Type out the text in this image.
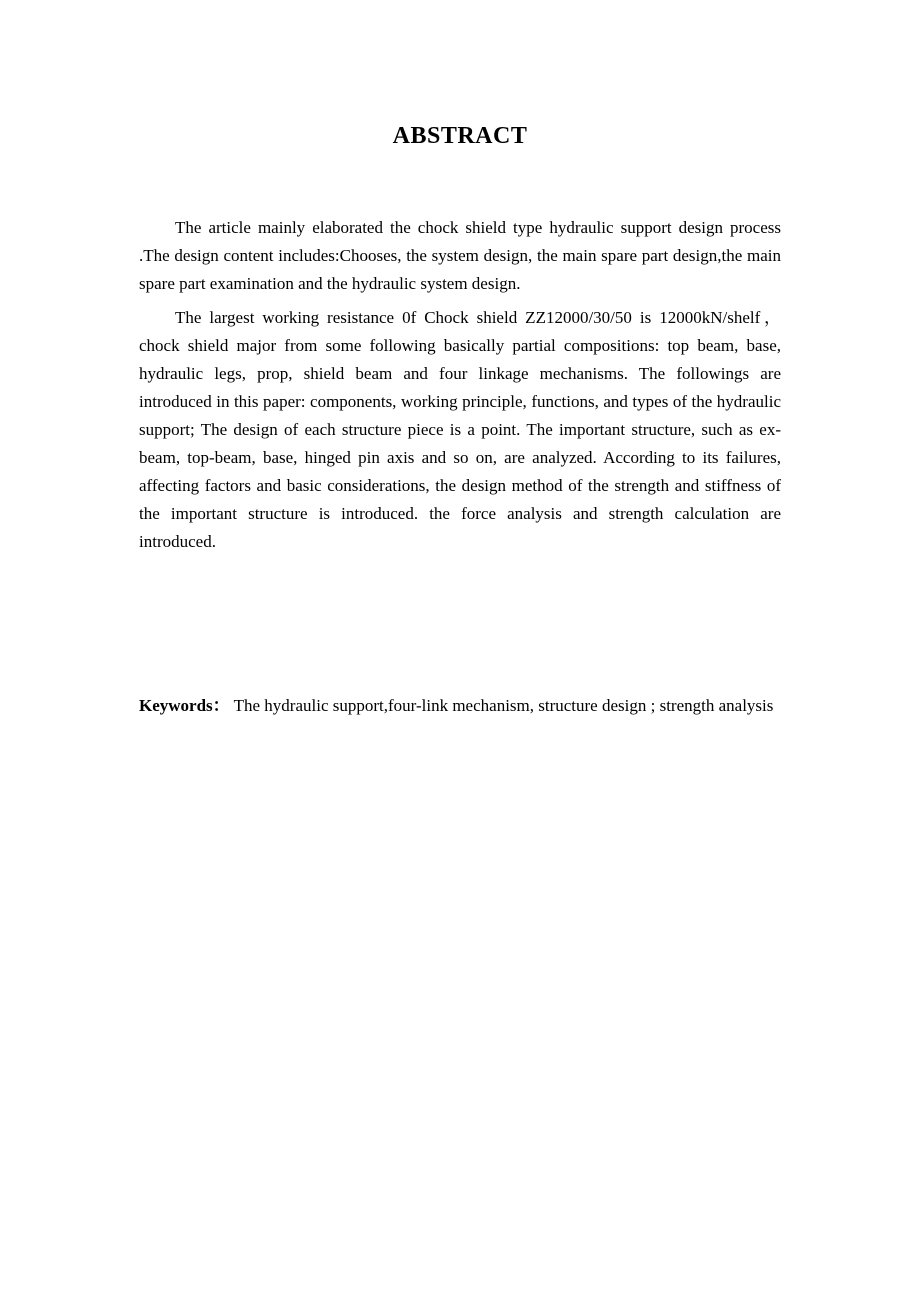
ABSTRACT

The article mainly elaborated the chock shield type hydraulic support design process .The design content includes:Chooses, the system design, the main spare part design,the main spare part examination and the hydraulic system design.

The largest working resistance 0f Chock shield ZZ12000/30/50 is 12000kN/shelf，chock shield major from some following basically partial compositions: top beam, base, hydraulic legs, prop, shield beam and four linkage mechanisms. The followings are introduced in this paper: components, working principle, functions, and types of the hydraulic support; The design of each structure piece is a point. The important structure, such as ex-beam, top-beam, base, hinged pin axis and so on, are analyzed. According to its failures, affecting factors and basic considerations, the design method of the strength and stiffness of the important structure is introduced. the force analysis and strength calculation are introduced.

Keywords： The hydraulic support,four-link mechanism, structure design ; strength analysis
